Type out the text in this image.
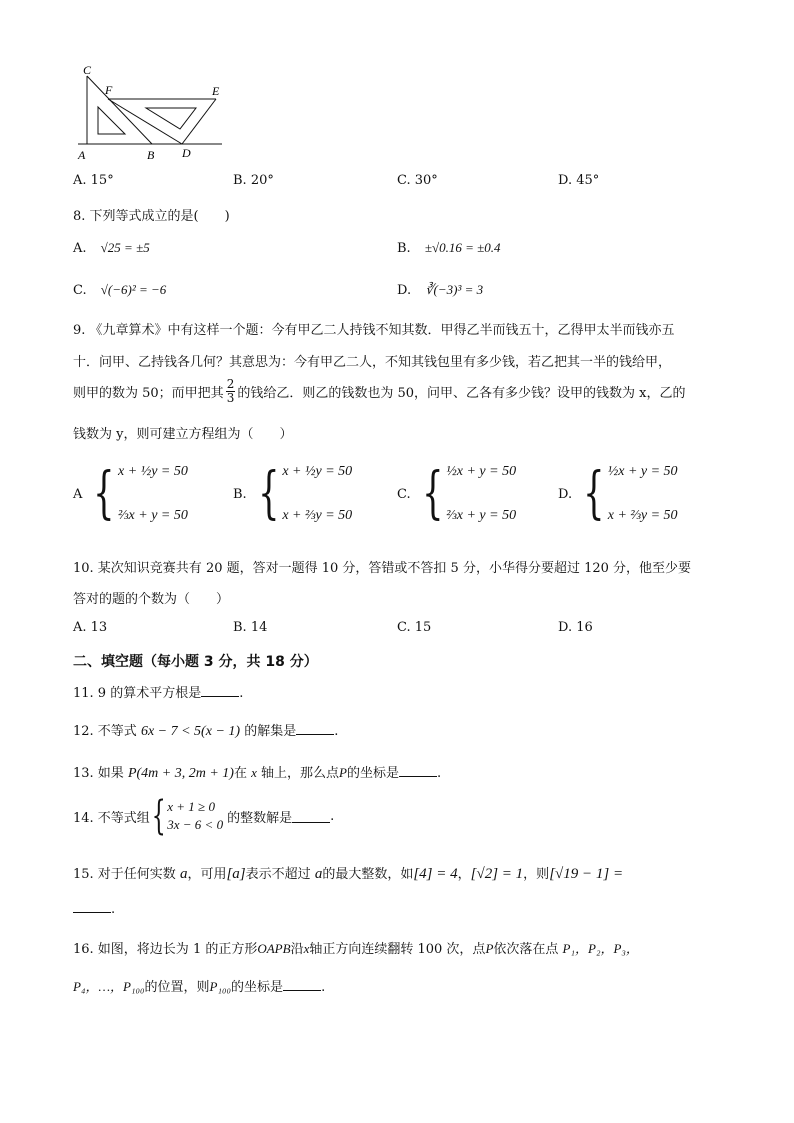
C
F	E
A	B D
A. 15°	B. 20°	C. 30°	D. 45°
8. 下列等式成立的是(　　)
A. √25 = ±5	B. ±√0.16 = ±0.4
C. √(−6)² = −6	D. ∛(−3)³ = 3
9. 《九章算术》中有这样一个题：今有甲乙二人持钱不知其数．甲得乙半而钱五十，乙得甲太半而钱亦五
十．问甲、乙持钱各几何？其意思为：今有甲乙二人，不知其钱包里有多少钱，若乙把其一半的钱给甲，
则甲的数为 50；而甲把其 $\frac{2}{3}$ 的钱给乙．则乙的钱数也为 50，问甲、乙各有多少钱？设甲的钱数为 x，乙的
钱数为 y，则可建立方程组为（　　）
A { x + ½y = 50
⅔x + y = 50
B. { x + ½y = 50
x + ⅔y = 50
C. { ½x + y = 50
⅔x + y = 50
D. { ½x + y = 50
x + ⅔y = 50
10. 某次知识竞赛共有 20 题，答对一题得 10 分，答错或不答扣 5 分，小华得分要超过 120 分，他至少要
答对的题的个数为（　　）
A. 13	B. 14	C. 15	D. 16
二、填空题（每小题 3 分，共 18 分）
11. 9 的算术平方根是	.
12. 不等式 6x − 7 < 5(x − 1) 的解集是	.
13. 如果 P(4m + 3, 2m + 1)在 x 轴上，那么点P的坐标是	.
14. 不等式组 { x + 1 ≥ 0
3x − 6 < 0 的整数解是	.
15. 对于任何实数 a，可用[a]表示不超过 a的最大整数，如[4] = 4，[√2] = 1，则[√19 − 1] =
.
16. 如图，将边长为 1 的正方形OAPB沿x轴正方向连续翻转 100 次，点P依次落在点 P₁，P₂，P₃，
P₄，…，P₁₀₀的位置，则P₁₀₀的坐标是	.
